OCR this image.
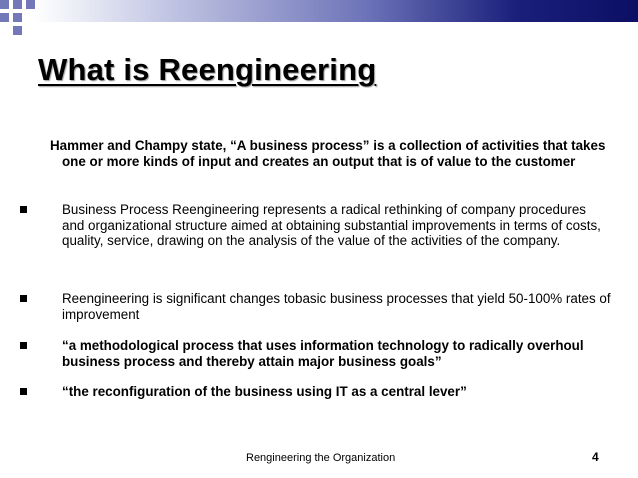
What is Reengineering
Hammer and Champy state, “A business process” is a collection of activities that takes one or more kinds of input and creates an output that is of value to the customer
Business Process Reengineering represents a radical rethinking of company procedures and organizational structure aimed at obtaining substantial improvements in terms of costs, quality, service, drawing on the analysis of the value of the activities of the company.
Reengineering is significant changes tobasic business processes that yield 50-100% rates of improvement
“a methodological process that uses information technology to radically overhoul business process and thereby attain major business goals”
“the reconfiguration of the business using IT as a central lever”
Rengineering the Organization	4
